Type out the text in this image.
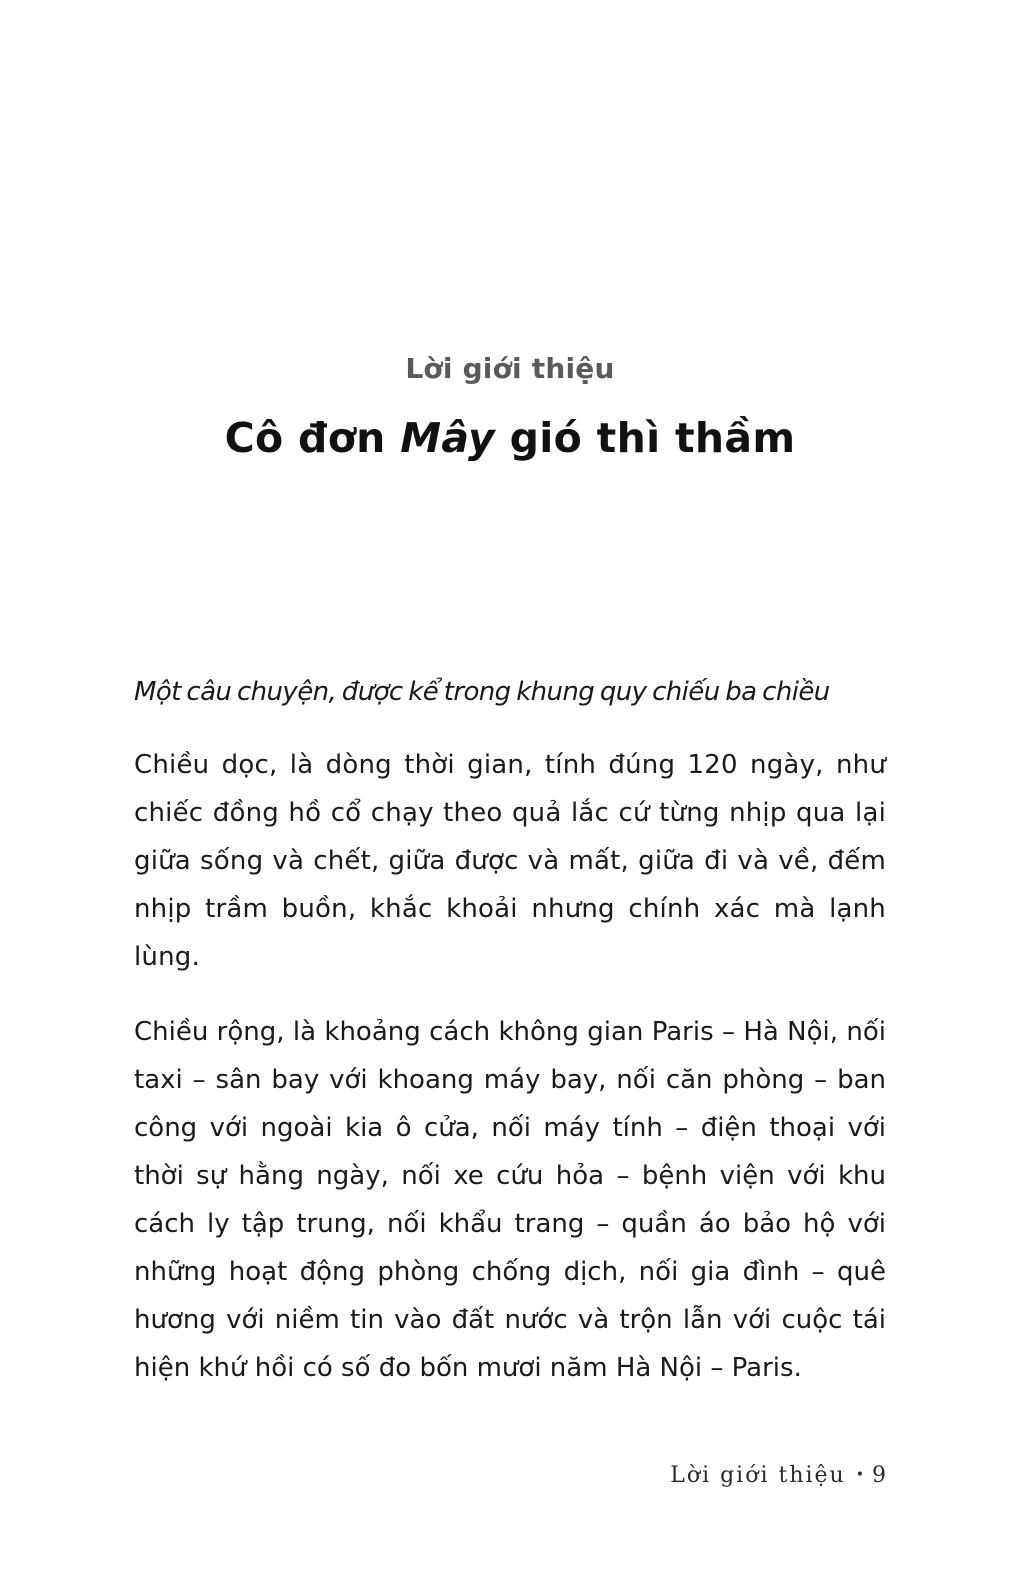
Lời giới thiệu
Cô đơn Mây gió thì thầm

Một câu chuyện, được kể trong khung quy chiếu ba chiều

Chiều dọc, là dòng thời gian, tính đúng 120 ngày, như chiếc đồng hồ cổ chạy theo quả lắc cứ từng nhịp qua lại giữa sống và chết, giữa được và mất, giữa đi và về, đếm nhịp trầm buồn, khắc khoải nhưng chính xác mà lạnh lùng.

Chiều rộng, là khoảng cách không gian Paris – Hà Nội, nối taxi – sân bay với khoang máy bay, nối căn phòng – ban công với ngoài kia ô cửa, nối máy tính – điện thoại với thời sự hằng ngày, nối xe cứu hỏa – bệnh viện với khu cách ly tập trung, nối khẩu trang – quần áo bảo hộ với những hoạt động phòng chống dịch, nối gia đình – quê hương với niềm tin vào đất nước và trộn lẫn với cuộc tái hiện khứ hồi có số đo bốn mươi năm Hà Nội – Paris.

Lời giới thiệu • 9
